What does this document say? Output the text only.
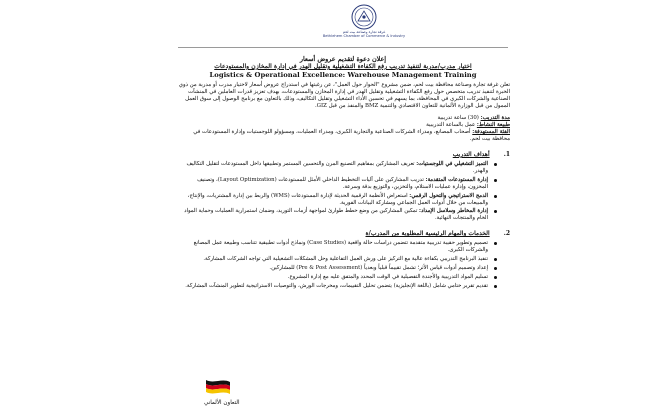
غرفة تجارة وصناعة بيت لحم
Bethlehem Chamber of Commerce & Industry
إعلان دعوة لتقديم عروض أسعار
اختيار مدرب/مدربة لتنفيذ تدريب رفع الكفاءة التشغيلية وتقليل الهدر في إدارة المخازن والمستودعات
Logistics & Operational Excellence: Warehouse Management Training
تعلن غرفة تجارة وصناعة محافظة بيت لحم، ضمن مشروع "الحوار حول العمل"، عن رغبتها في استدراج عروض أسعار لاختيار مدرب أو مدربة من ذوي الخبرة لتنفيذ تدريب متخصص حول رفع الكفاءة التشغيلية وتقليل الهدر في إدارة المخازن والمستودعات، بهدف تعزيز قدرات العاملين في المنشآت الصناعية والشركات الكبرى في المحافظة، بما يسهم في تحسين الأداء التشغيلي وتقليل التكاليف، وذلك بالتعاون مع برنامج الوصول إلى سوق العمل الممول من قبل الوزارة الألمانية للتعاون الاقتصادي والتنمية BMZ والمنفذ من قبل GIZ.
مدة التدريب: (30) ساعة تدريبية
طبيعة النشاط: عمل بالساعة التدريبية
الفئة المستهدفة: أصحاب المصانع، ومدراء الشركات الصناعية والتجارية الكبرى، ومدراء العمليات، ومسؤولو اللوجستيات وإدارة المستودعات في محافظة بيت لحم.
1. أهداف التدريب
التميز التشغيلي في اللوجستيات: تعريف المشاركين بمفاهيم التصنيع المرن والتحسين المستمر وتطبيقها داخل المستودعات لتقليل التكاليف والهدر.
إدارة المستودعات المتقدمة: تدريب المشاركين على آليات التخطيط الداخلي الأمثل للمستودعات (Layout Optimization)، وتصنيف المخزون، وإدارة عمليات الاستلام، والتخزين، والتوزيع بدقة وسرعة.
الدمج الاستراتيجي والتحول الرقمي: استعراض الأنظمة الرقمية الحديثة لإدارة المستودعات (WMS) والربط بين إدارة المشتريات، والإنتاج، والمبيعات من خلال أدوات العمل الجماعي ومشاركة البيانات الفورية.
إدارة المخاطر وسلاسل الإمداد: تمكين المشاركين من وضع خطط طوارئ لمواجهة أزمات التوريد، وضمان استمرارية العمليات وحماية المواد الخام والمنتجات النهائية.
2. الخدمات والمهام الرئيسية المطلوبة من المدرب/ة
تصميم وتطوير حقيبة تدريبية متقدمة تتضمن دراسات حالة واقعية (Case Studies) ونماذج أدوات تطبيقية تتناسب وطبيعة عمل المصانع والشركات الكبرى.
تنفيذ البرنامج التدريبي بكفاءة عالية مع التركيز على ورش العمل التفاعلية وحل المشكلات التشغيلية التي تواجه الشركات المشاركة.
إعداد وتصميم أدوات قياس الأثر؛ تشمل تقييماً قبلياً وبعدياً (Pre & Post Assessment) للمشاركين.
تسليم المواد التدريبية والأجندة التفصيلية في الوقت المحدد والمتفق عليه مع إدارة المشروع.
تقديم تقرير ختامي شامل (باللغة الإنجليزية) يتضمن تحليل التقييمات، ومخرجات الورش، والتوصيات الاستراتيجية لتطوير المنشآت المشاركة.
التعاون الألماني
